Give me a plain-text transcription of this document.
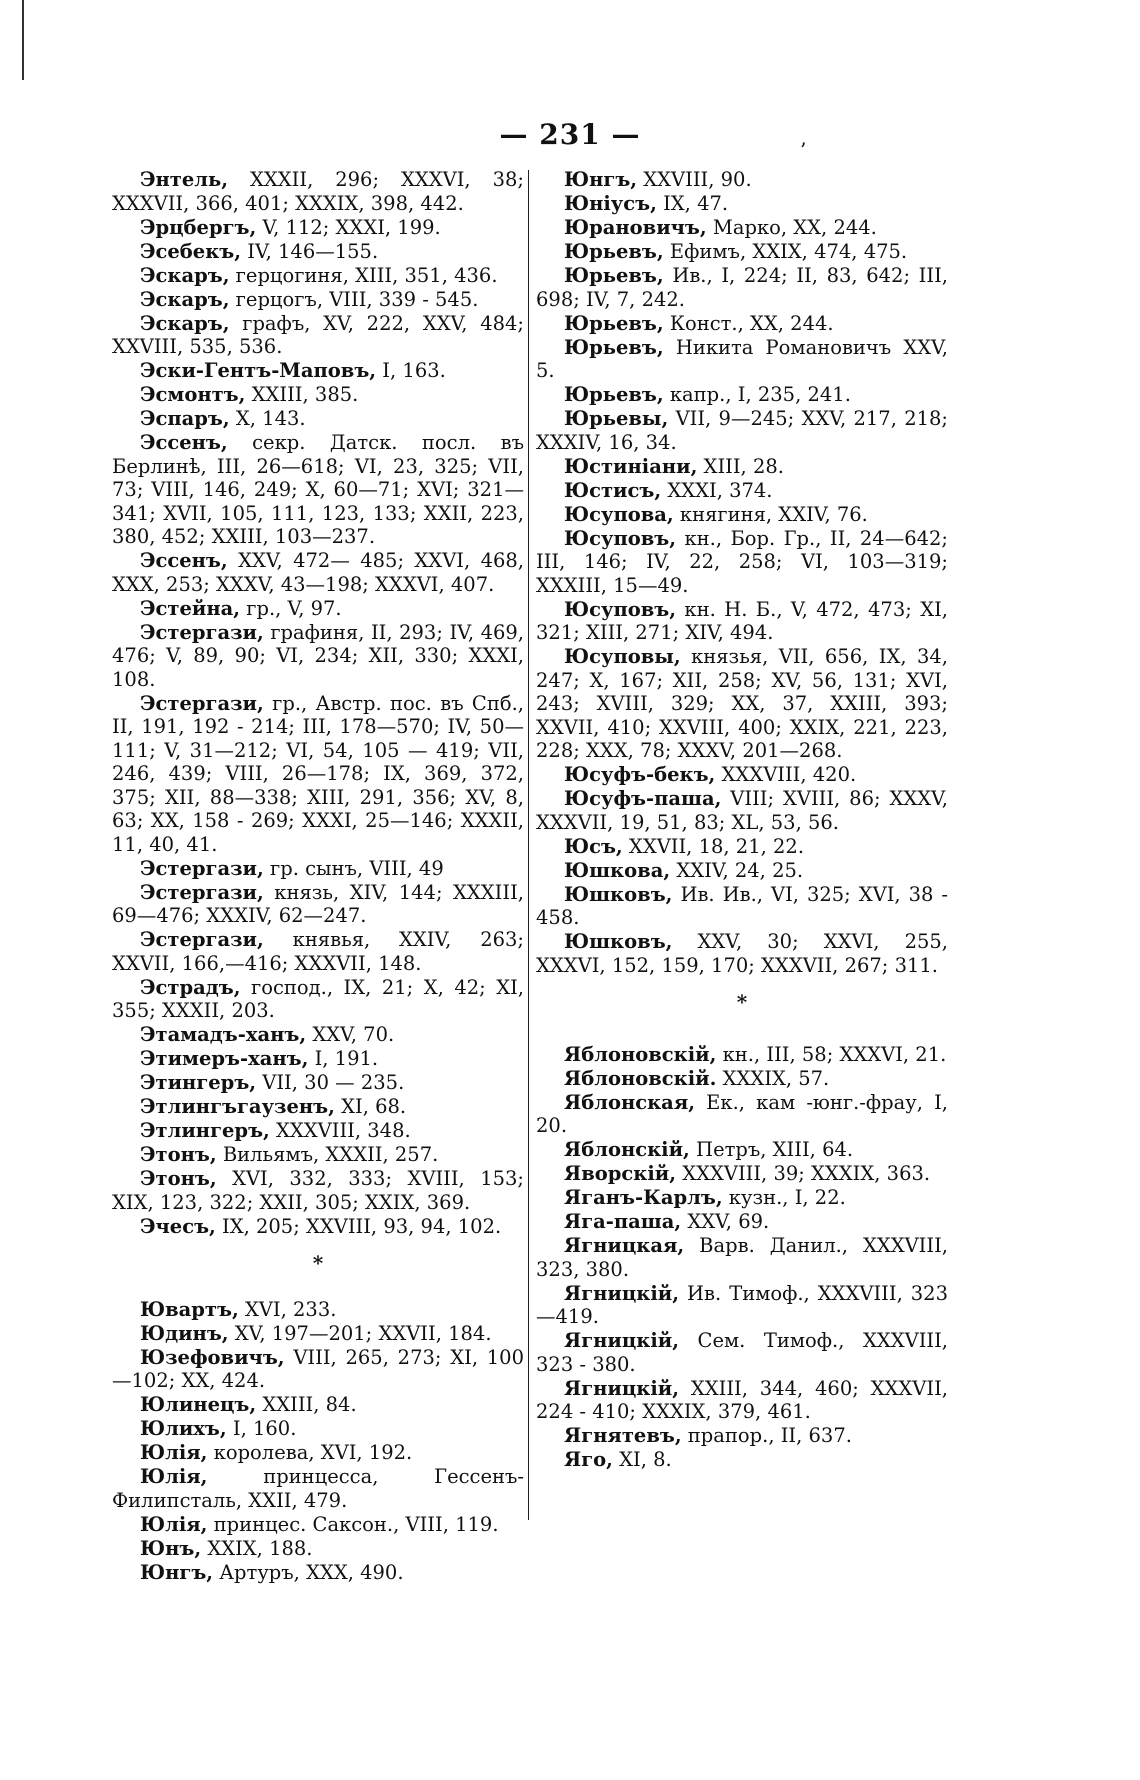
— 231 —	’

Энтель, XXXII, 296; XXXVI, 38; XXXVII, 366, 401; XXXIX, 398, 442.

Эрцбергъ, V, 112; XXXI, 199.

Эсебекъ, IV, 146—155.

Эскаръ, герцогиня, XIII, 351, 436.

Эскаръ, герцогъ, VIII, 339 - 545.

Эскаръ, графъ, XV, 222, XXV, 484; XXVIII, 535, 536.

Эски-Гентъ-Маповъ, I, 163.

Эсмонтъ, XXIII, 385.

Эспаръ, X, 143.

Эссенъ, секр. Датск. посл. въ Берлинѣ, III, 26—618; VI, 23, 325; VII, 73; VIII, 146, 249; X, 60—71; XVI; 321—341; XVII, 105, 111, 123, 133; XXII, 223, 380, 452; XXIII, 103—237.

Эссенъ, XXV, 472— 485; XXVI, 468, XXX, 253; XXXV, 43—198; XXXVI, 407.

Эстейна, гр., V, 97.

Эстергази, графиня, II, 293; IV, 469, 476; V, 89, 90; VI, 234; XII, 330; XXXI, 108.

Эстергази, гр., Австр. пос. въ Спб., II, 191, 192 - 214; III, 178—570; IV, 50—111; V, 31—212; VI, 54, 105 — 419; VII, 246, 439; VIII, 26—178; IX, 369, 372, 375; XII, 88—338; XIII, 291, 356; XV, 8, 63; XX, 158 - 269; XXXI, 25—146; XXXII, 11, 40, 41.

Эстергази, гр. сынъ, VIII, 49

Эстергази, князь, XIV, 144; XXXIII, 69—476; XXXIV, 62—247.

Эстергази, княвья, XXIV, 263; XXVII, 166,—416; XXXVII, 148.

Эстрадъ, господ., IX, 21; X, 42; XI, 355; XXXII, 203.

Этамадъ-ханъ, XXV, 70.

Этимеръ-ханъ, I, 191.

Этингеръ, VII, 30 — 235.

Этлингъгаузенъ, XI, 68.

Этлингеръ, XXXVIII, 348.

Этонъ, Вильямъ, XXXII, 257.

Этонъ, XVI, 332, 333; XVIII, 153; XIX, 123, 322; XXII, 305; XXIX, 369.

Эчесъ, IX, 205; XXVIII, 93, 94, 102.

*

Ювартъ, XVI, 233.

Юдинъ, XV, 197—201; XXVII, 184.

Юзефовичъ, VIII, 265, 273; XI, 100—102; XX, 424.

Юлинецъ, XXIII, 84.

Юлихъ, I, 160.

Юлія, королева, XVI, 192.

Юлія, принцесса, Гессенъ-Филипсталь, XXII, 479.

Юлія, принцес. Саксон., VIII, 119.

Юнъ, XXIX, 188.

Юнгъ, Артуръ, XXX, 490.

Юнгъ, XXVIII, 90.

Юніусъ, IX, 47.

Юрановичъ, Марко, XX, 244.

Юрьевъ, Ефимъ, XXIX, 474, 475.

Юрьевъ, Ив., I, 224; II, 83, 642; III, 698; IV, 7, 242.

Юрьевъ, Конст., XX, 244.

Юрьевъ, Никита Романовичъ XXV, 5.

Юрьевъ, капр., I, 235, 241.

Юрьевы, VII, 9—245; XXV, 217, 218; XXXIV, 16, 34.

Юстиніани, XIII, 28.

Юстисъ, XXXI, 374.

Юсупова, княгиня, XXIV, 76.

Юсуповъ, кн., Бор. Гр., II, 24—642; III, 146; IV, 22, 258; VI, 103—319; XXXIII, 15—49.

Юсуповъ, кн. Н. Б., V, 472, 473; XI, 321; XIII, 271; XIV, 494.

Юсуповы, князья, VII, 656, IX, 34, 247; X, 167; XII, 258; XV, 56, 131; XVI, 243; XVIII, 329; XX, 37, XXIII, 393; XXVII, 410; XXVIII, 400; XXIX, 221, 223, 228; XXX, 78; XXXV, 201—268.

Юсуфъ-бекъ, XXXVIII, 420.

Юсуфъ-паша, VIII; XVIII, 86; XXXV, XXXVII, 19, 51, 83; XL, 53, 56.

Юсъ, XXVII, 18, 21, 22.

Юшкова, XXIV, 24, 25.

Юшковъ, Ив. Ив., VI, 325; XVI, 38 - 458.

Юшковъ, XXV, 30; XXVI, 255, XXXVI, 152, 159, 170; XXXVII, 267; 311.

*

Яблоновскій, кн., III, 58; XXXVI, 21.

Яблоновскій. XXXIX, 57.

Яблонская, Ек., кам -юнг.-фрау, I, 20.

Яблонскій, Петръ, XIII, 64.

Яворскій, XXXVIII, 39; XXXIX, 363.

Яганъ-Карлъ, кузн., I, 22.

Яга-паша, XXV, 69.

Ягницкая, Варв. Данил., XXXVIII, 323, 380.

Ягницкій, Ив. Тимоф., XXXVIII, 323—419.

Ягницкій, Сем. Тимоф., XXXVIII, 323 - 380.

Ягницкій, XXIII, 344, 460; XXXVII, 224 - 410; XXXIX, 379, 461.

Ягнятевъ, прапор., II, 637.

Яго, XI, 8.
